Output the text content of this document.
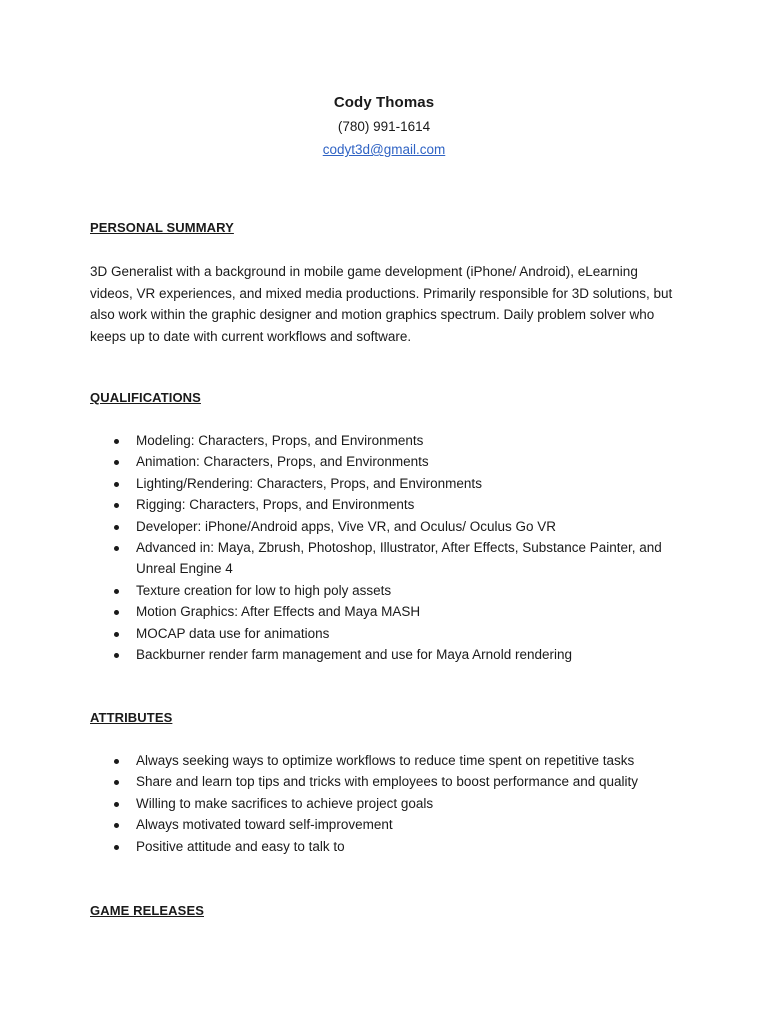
Cody Thomas
(780) 991-1614
codyt3d@gmail.com
PERSONAL SUMMARY
3D Generalist with a background in mobile game development (iPhone/ Android), eLearning videos, VR experiences, and mixed media productions. Primarily responsible for 3D solutions, but also work within the graphic designer and motion graphics spectrum. Daily problem solver who keeps up to date with current workflows and software.
QUALIFICATIONS
Modeling: Characters, Props, and Environments
Animation: Characters, Props, and Environments
Lighting/Rendering: Characters, Props, and Environments
Rigging: Characters, Props, and Environments
Developer: iPhone/Android apps, Vive VR, and Oculus/ Oculus Go VR
Advanced in: Maya, Zbrush, Photoshop, Illustrator, After Effects, Substance Painter, and Unreal Engine 4
Texture creation for low to high poly assets
Motion Graphics: After Effects and Maya MASH
MOCAP data use for animations
Backburner render farm management and use for Maya Arnold rendering
ATTRIBUTES
Always seeking ways to optimize workflows to reduce time spent on repetitive tasks
Share and learn top tips and tricks with employees to boost performance and quality
Willing to make sacrifices to achieve project goals
Always motivated toward self-improvement
Positive attitude and easy to talk to
GAME RELEASES
